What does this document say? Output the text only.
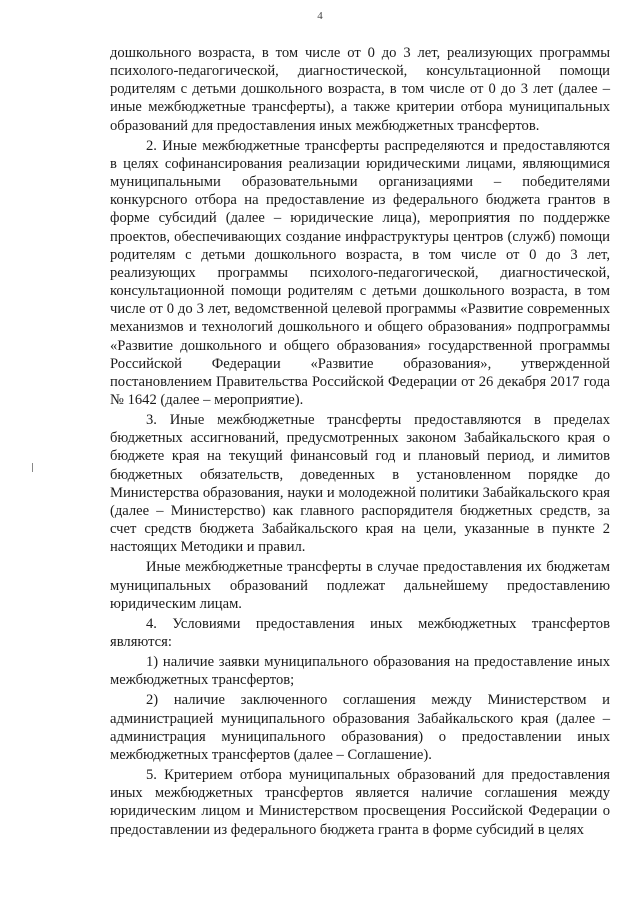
4

дошкольного возраста, в том числе от 0 до 3 лет, реализующих программы психолого-педагогической, диагностической, консультационной помощи родителям с детьми дошкольного возраста, в том числе от 0 до 3 лет (далее – иные межбюджетные трансферты), а также критерии отбора муниципальных образований для предоставления иных межбюджетных трансфертов.

2. Иные межбюджетные трансферты распределяются и предоставляются в целях софинансирования реализации юридическими лицами, являющимися муниципальными образовательными организациями – победителями конкурсного отбора на предоставление из федерального бюджета грантов в форме субсидий (далее – юридические лица), мероприятия по поддержке проектов, обеспечивающих создание инфраструктуры центров (служб) помощи родителям с детьми дошкольного возраста, в том числе от 0 до 3 лет, реализующих программы психолого-педагогической, диагностической, консультационной помощи родителям с детьми дошкольного возраста, в том числе от 0 до 3 лет, ведомственной целевой программы «Развитие современных механизмов и технологий дошкольного и общего образования» подпрограммы «Развитие дошкольного и общего образования» государственной программы Российской Федерации «Развитие образования», утвержденной постановлением Правительства Российской Федерации от 26 декабря 2017 года № 1642 (далее – мероприятие).

3. Иные межбюджетные трансферты предоставляются в пределах бюджетных ассигнований, предусмотренных законом Забайкальского края о бюджете края на текущий финансовый год и плановый период, и лимитов бюджетных обязательств, доведенных в установленном порядке до Министерства образования, науки и молодежной политики Забайкальского края (далее – Министерство) как главного распорядителя бюджетных средств, за счет средств бюджета Забайкальского края на цели, указанные в пункте 2 настоящих Методики и правил.

Иные межбюджетные трансферты в случае предоставления их бюджетам муниципальных образований подлежат дальнейшему предоставлению юридическим лицам.

4. Условиями предоставления иных межбюджетных трансфертов являются:

1) наличие заявки муниципального образования на предоставление иных межбюджетных трансфертов;

2) наличие заключенного соглашения между Министерством и администрацией муниципального образования Забайкальского края (далее – администрация муниципального образования) о предоставлении иных межбюджетных трансфертов (далее – Соглашение).

5. Критерием отбора муниципальных образований для предоставления иных межбюджетных трансфертов является наличие соглашения между юридическим лицом и Министерством просвещения Российской Федерации о предоставлении из федерального бюджета гранта в форме субсидий в целях
